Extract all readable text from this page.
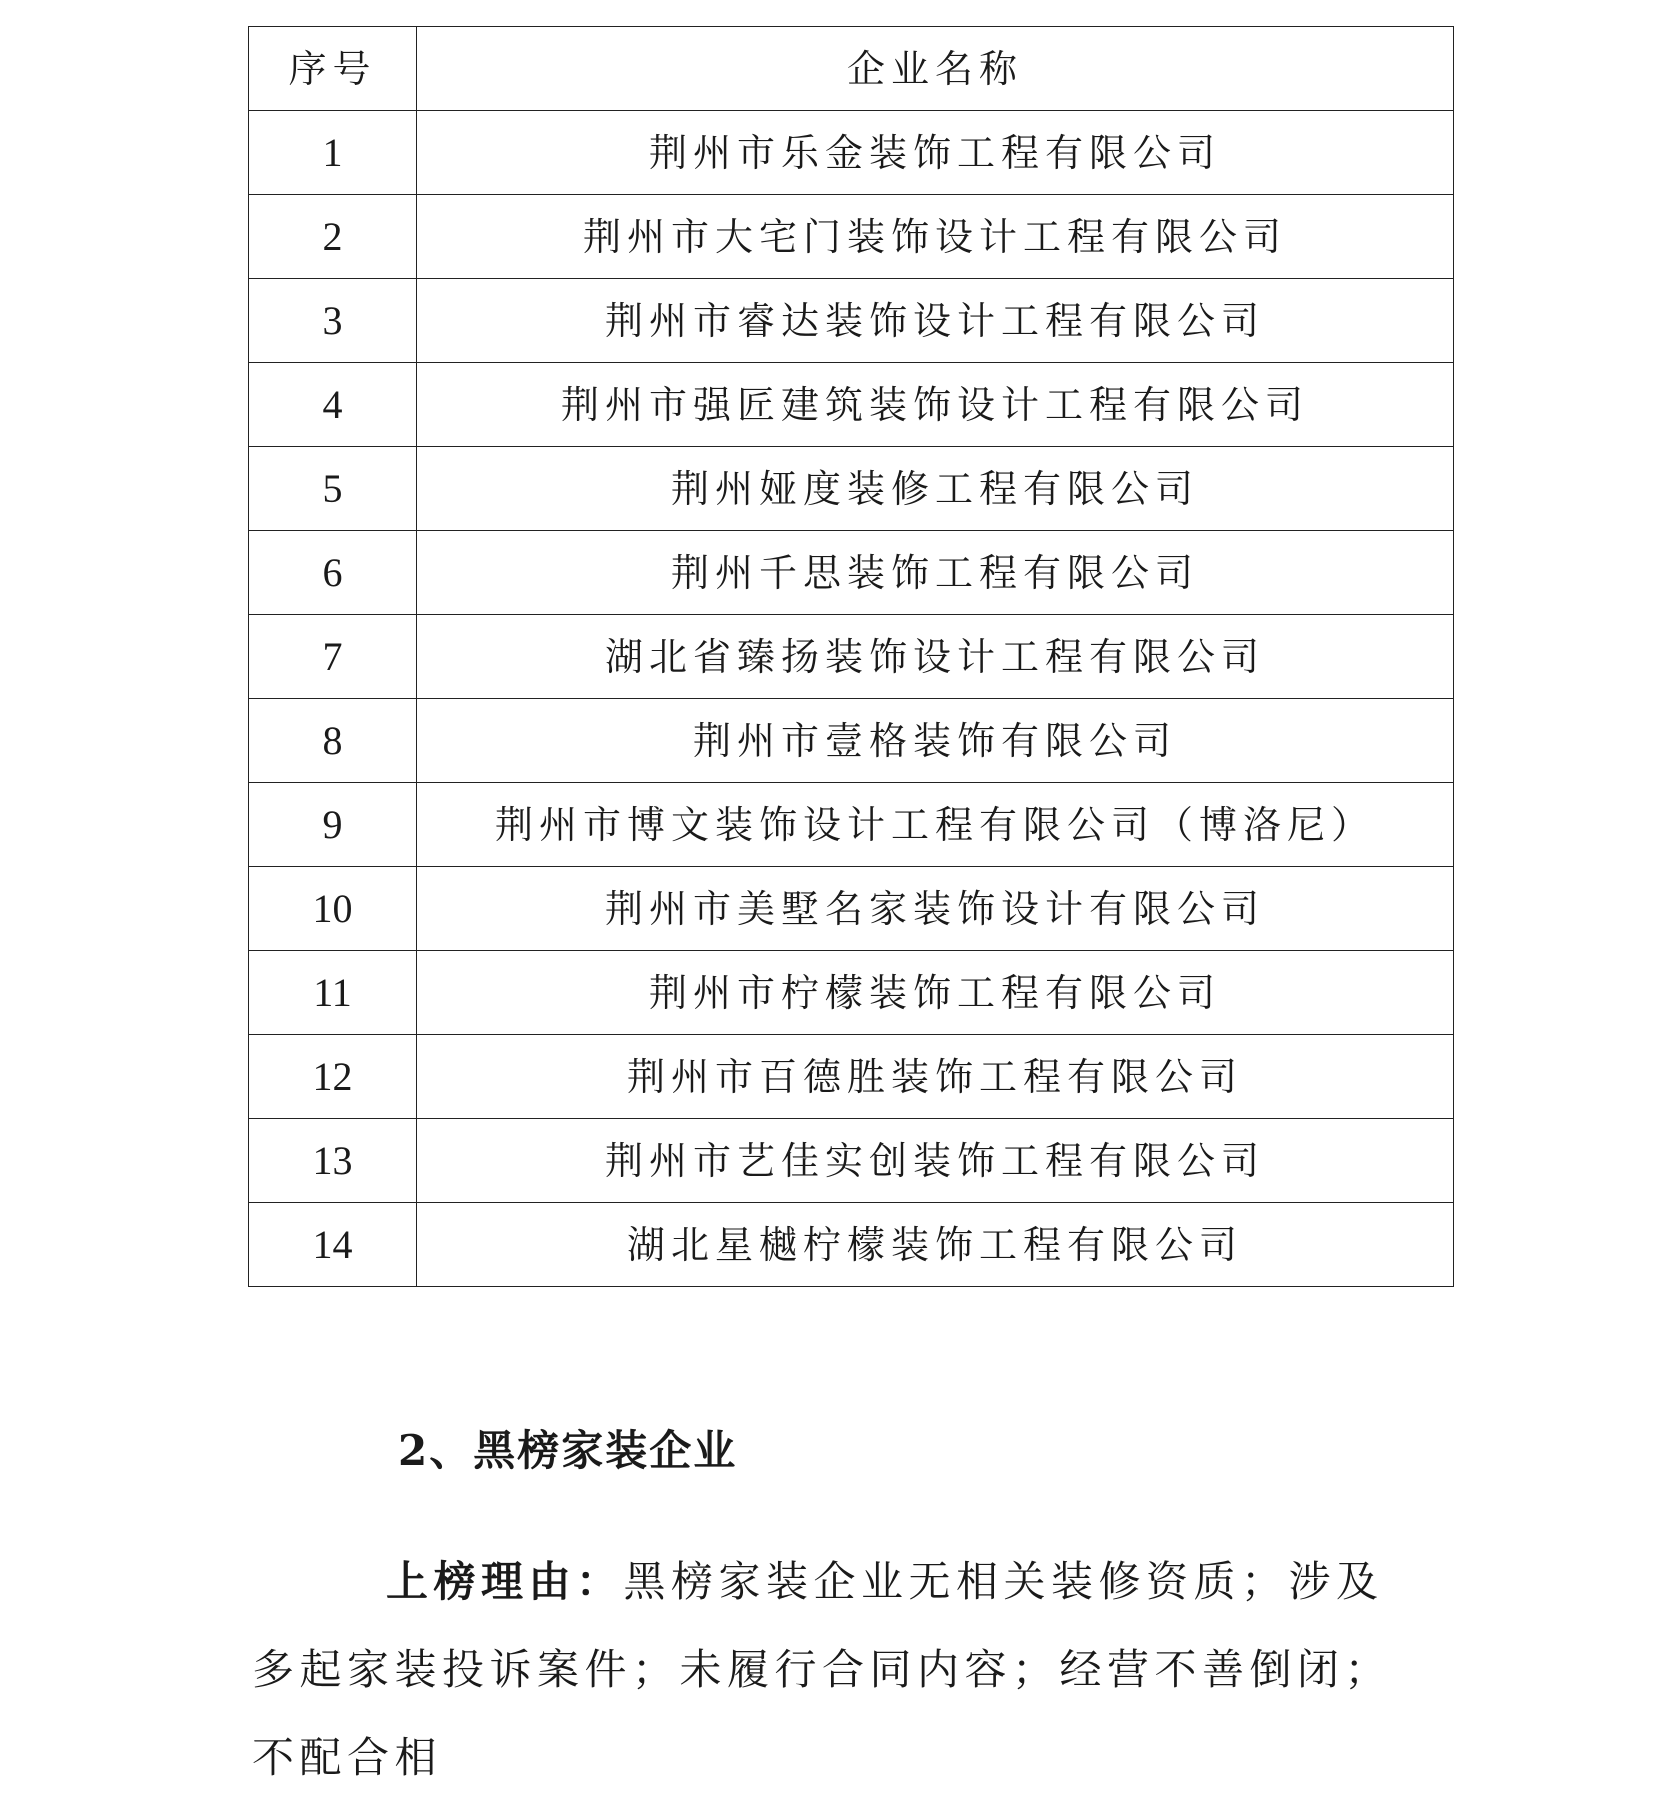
序号	企业名称
1	荆州市乐金装饰工程有限公司
2	荆州市大宅门装饰设计工程有限公司
3	荆州市睿达装饰设计工程有限公司
4	荆州市强匠建筑装饰设计工程有限公司
5	荆州娅度装修工程有限公司
6	荆州千思装饰工程有限公司
7	湖北省臻扬装饰设计工程有限公司
8	荆州市壹格装饰有限公司
9	荆州市博文装饰设计工程有限公司（博洛尼）
10	荆州市美墅名家装饰设计有限公司
11	荆州市柠檬装饰工程有限公司
12	荆州市百德胜装饰工程有限公司
13	荆州市艺佳实创装饰工程有限公司
14	湖北星樾柠檬装饰工程有限公司
2、黑榜家装企业

上榜理由：黑榜家装企业无相关装修资质；涉及多起家装投诉案件；未履行合同内容；经营不善倒闭；不配合相
